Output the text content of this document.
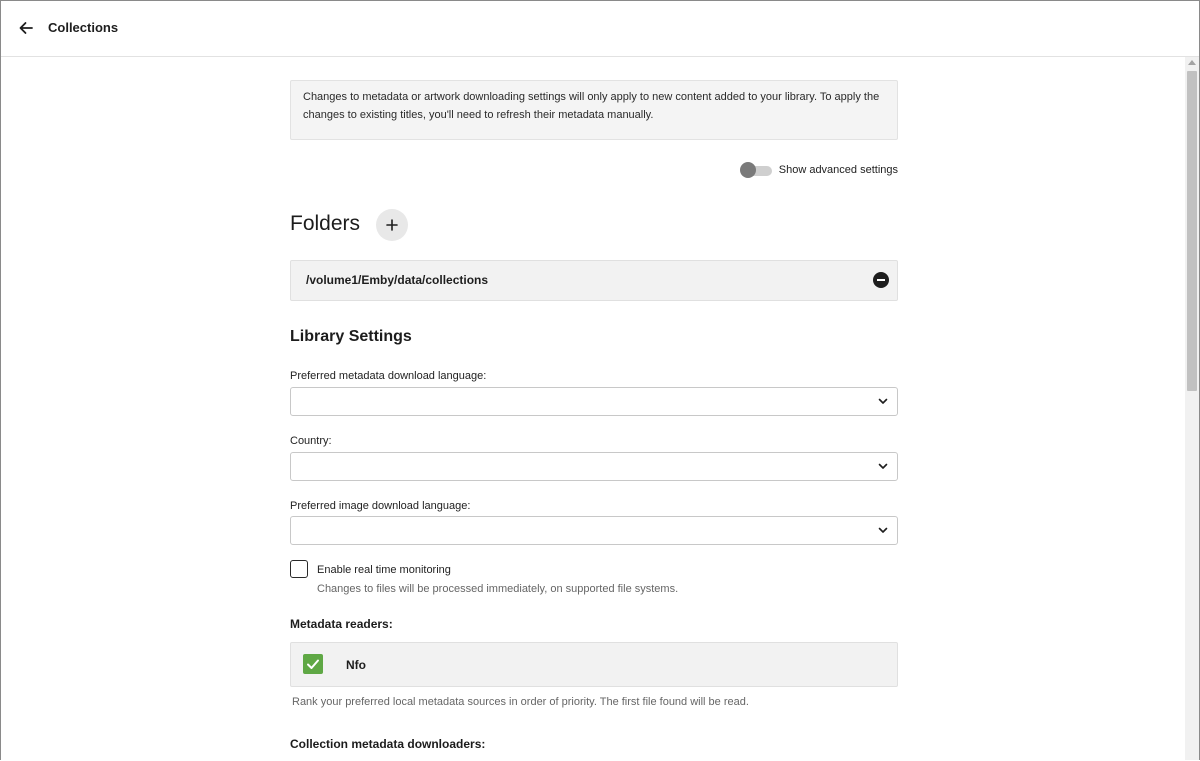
Collections
Changes to metadata or artwork downloading settings will only apply to new content added to your library. To apply the changes to existing titles, you'll need to refresh their metadata manually.
Show advanced settings
Folders
/volume1/Emby/data/collections
Library Settings
Preferred metadata download language:
Country:
Preferred image download language:
Enable real time monitoring
Changes to files will be processed immediately, on supported file systems.
Metadata readers:
Nfo
Rank your preferred local metadata sources in order of priority. The first file found will be read.
Collection metadata downloaders:
